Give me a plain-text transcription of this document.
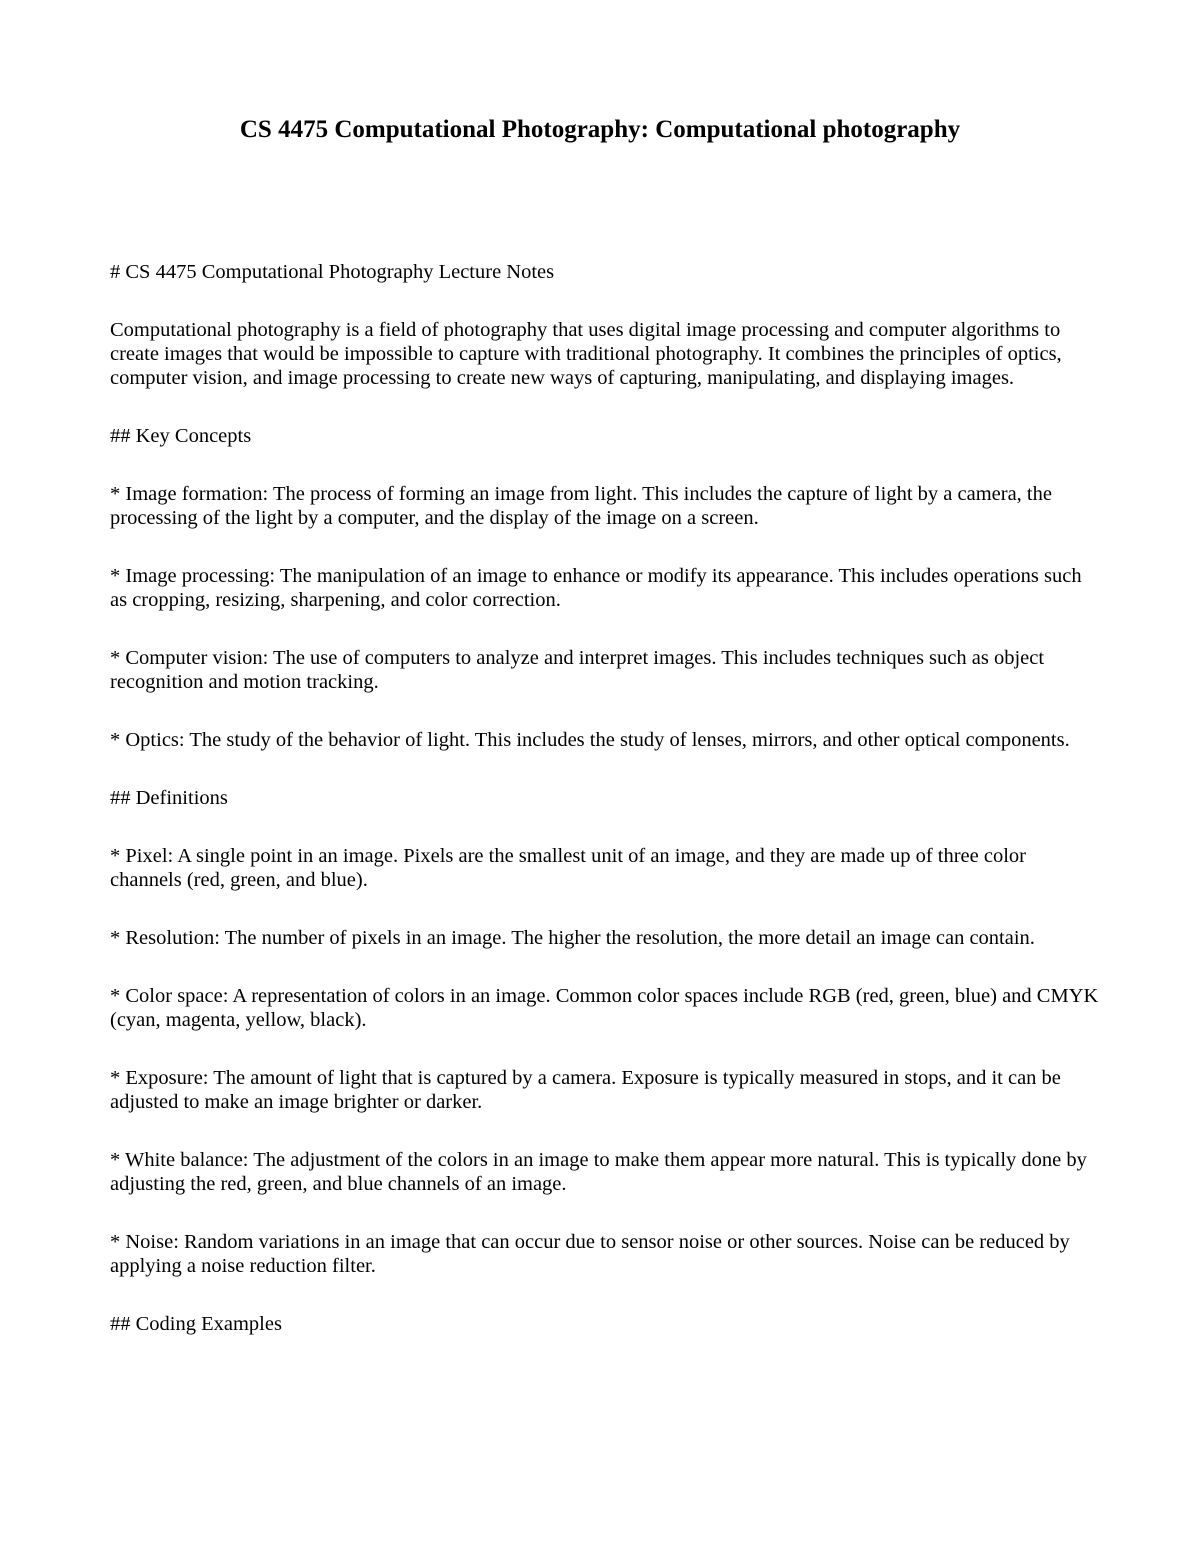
CS 4475 Computational Photography: Computational photography

# CS 4475 Computational Photography Lecture Notes

Computational photography is a field of photography that uses digital image processing and computer algorithms to create images that would be impossible to capture with traditional photography. It combines the principles of optics, computer vision, and image processing to create new ways of capturing, manipulating, and displaying images.

## Key Concepts

* Image formation: The process of forming an image from light. This includes the capture of light by a camera, the processing of the light by a computer, and the display of the image on a screen.

* Image processing: The manipulation of an image to enhance or modify its appearance. This includes operations such as cropping, resizing, sharpening, and color correction.

* Computer vision: The use of computers to analyze and interpret images. This includes techniques such as object recognition and motion tracking.

* Optics: The study of the behavior of light. This includes the study of lenses, mirrors, and other optical components.

## Definitions

* Pixel: A single point in an image. Pixels are the smallest unit of an image, and they are made up of three color channels (red, green, and blue).

* Resolution: The number of pixels in an image. The higher the resolution, the more detail an image can contain.

* Color space: A representation of colors in an image. Common color spaces include RGB (red, green, blue) and CMYK (cyan, magenta, yellow, black).

* Exposure: The amount of light that is captured by a camera. Exposure is typically measured in stops, and it can be adjusted to make an image brighter or darker.

* White balance: The adjustment of the colors in an image to make them appear more natural. This is typically done by adjusting the red, green, and blue channels of an image.

* Noise: Random variations in an image that can occur due to sensor noise or other sources. Noise can be reduced by applying a noise reduction filter.

## Coding Examples
